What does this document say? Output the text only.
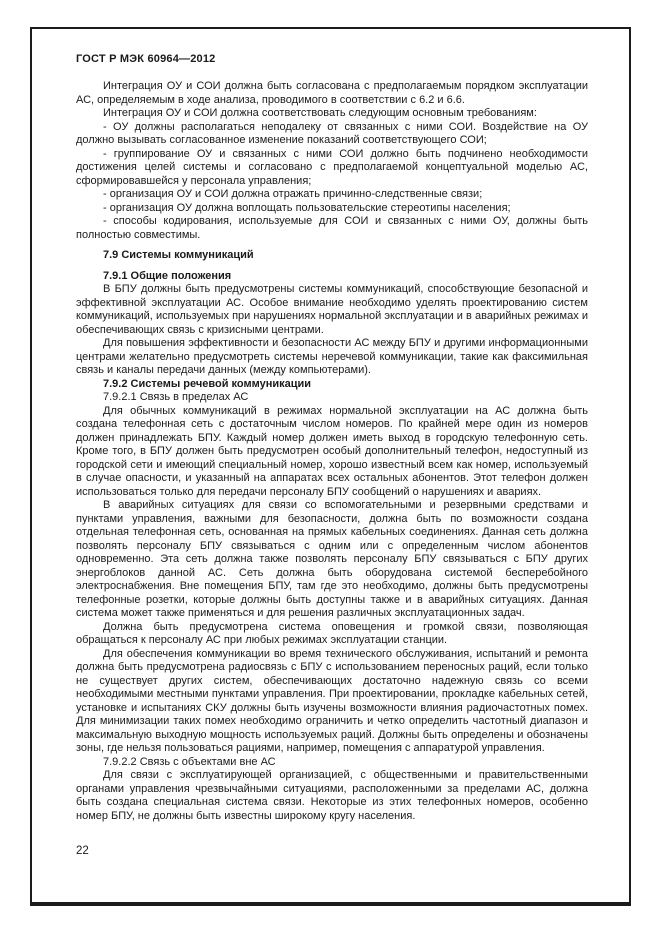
ГОСТ Р МЭК 60964—2012

Интеграция ОУ и СОИ должна быть согласована с предполагаемым порядком эксплуатации АС, определяемым в ходе анализа, проводимого в соответствии с 6.2 и 6.6.

Интеграция ОУ и СОИ должна соответствовать следующим основным требованиям:

- ОУ должны располагаться неподалеку от связанных с ними СОИ. Воздействие на ОУ должно вызывать согласованное изменение показаний соответствующего СОИ;

- группирование ОУ и связанных с ними СОИ должно быть подчинено необходимости достижения целей системы и согласовано с предполагаемой концептуальной моделью АС, сформировавшейся у персонала управления;

- организация ОУ и СОИ должна отражать причинно-следственные связи;

- организация ОУ должна воплощать пользовательские стереотипы населения;

- способы кодирования, используемые для СОИ и связанных с ними ОУ, должны быть полностью совместимы.

7.9 Системы коммуникаций

7.9.1 Общие положения

В БПУ должны быть предусмотрены системы коммуникаций, способствующие безопасной и эффективной эксплуатации АС. Особое внимание необходимо уделять проектированию систем коммуникаций, используемых при нарушениях нормальной эксплуатации и в аварийных режимах и обеспечивающих связь с кризисными центрами.

Для повышения эффективности и безопасности АС между БПУ и другими информационными центрами желательно предусмотреть системы неречевой коммуникации, такие как факсимильная связь и каналы передачи данных (между компьютерами).

7.9.2 Системы речевой коммуникации

7.9.2.1 Связь в пределах АС

Для обычных коммуникаций в режимах нормальной эксплуатации на АС должна быть создана телефонная сеть с достаточным числом номеров. По крайней мере один из номеров должен принадлежать БПУ. Каждый номер должен иметь выход в городскую телефонную сеть. Кроме того, в БПУ должен быть предусмотрен особый дополнительный телефон, недоступный из городской сети и имеющий специальный номер, хорошо известный всем как номер, используемый в случае опасности, и указанный на аппаратах всех остальных абонентов. Этот телефон должен использоваться только для передачи персоналу БПУ сообщений о нарушениях и авариях.

В аварийных ситуациях для связи со вспомогательными и резервными средствами и пунктами управления, важными для безопасности, должна быть по возможности создана отдельная телефонная сеть, основанная на прямых кабельных соединениях. Данная сеть должна позволять персоналу БПУ связываться с одним или с определенным числом абонентов одновременно. Эта сеть должна также позволять персоналу БПУ связываться с БПУ других энергоблоков данной АС. Сеть должна быть оборудована системой бесперебойного электроснабжения. Вне помещения БПУ, там где это необходимо, должны быть предусмотрены телефонные розетки, которые должны быть доступны также и в аварийных ситуациях. Данная система может также применяться и для решения различных эксплуатационных задач.

Должна быть предусмотрена система оповещения и громкой связи, позволяющая обращаться к персоналу АС при любых режимах эксплуатации станции.

Для обеспечения коммуникации во время технического обслуживания, испытаний и ремонта должна быть предусмотрена радиосвязь с БПУ с использованием переносных раций, если только не существует других систем, обеспечивающих достаточно надежную связь со всеми необходимыми местными пунктами управления. При проектировании, прокладке кабельных сетей, установке и испытаниях СКУ должны быть изучены возможности влияния радиочастотных помех. Для минимизации таких помех необходимо ограничить и четко определить частотный диапазон и максимальную выходную мощность используемых раций. Должны быть определены и обозначены зоны, где нельзя пользоваться рациями, например, помещения с аппаратурой управления.

7.9.2.2 Связь с объектами вне АС

Для связи с эксплуатирующей организацией, с общественными и правительственными органами управления чрезвычайными ситуациями, расположенными за пределами АС, должна быть создана специальная система связи. Некоторые из этих телефонных номеров, особенно номер БПУ, не должны быть известны широкому кругу населения.

22
